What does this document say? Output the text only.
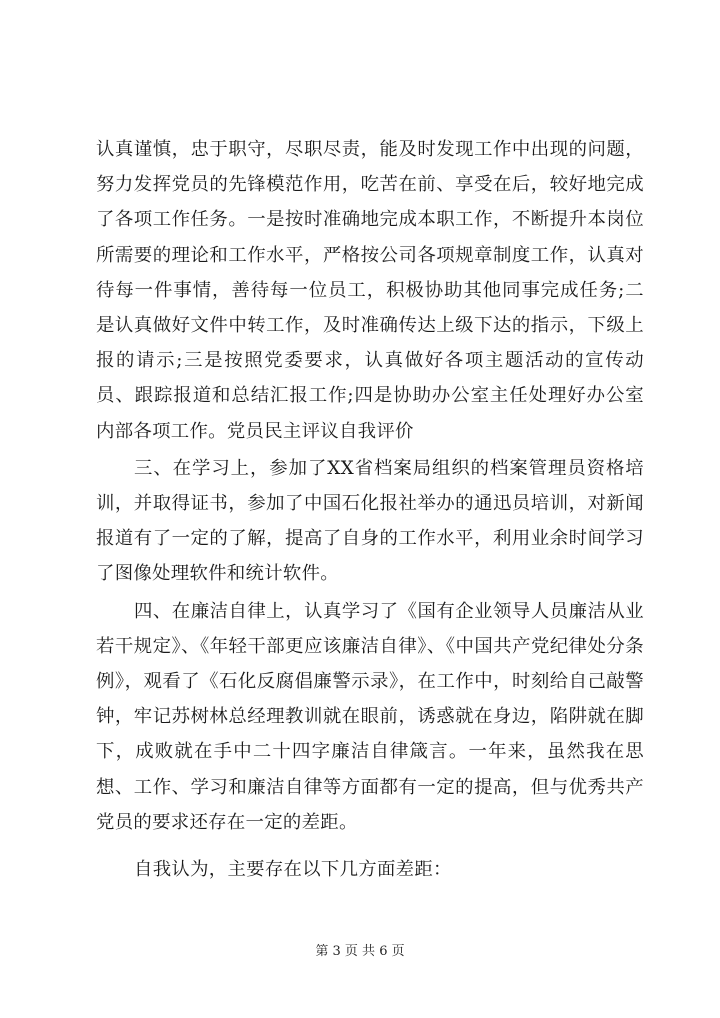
认真谨慎，忠于职守，尽职尽责，能及时发现工作中出现的问题，努力发挥党员的先锋模范作用，吃苦在前、享受在后，较好地完成了各项工作任务。一是按时准确地完成本职工作，不断提升本岗位所需要的理论和工作水平，严格按公司各项规章制度工作，认真对待每一件事情，善待每一位员工，积极协助其他同事完成任务;二是认真做好文件中转工作，及时准确传达上级下达的指示，下级上报的请示;三是按照党委要求，认真做好各项主题活动的宣传动员、跟踪报道和总结汇报工作;四是协助办公室主任处理好办公室内部各项工作。党员民主评议自我评价

三、在学习上，参加了XX省档案局组织的档案管理员资格培训，并取得证书，参加了中国石化报社举办的通迅员培训，对新闻报道有了一定的了解，提高了自身的工作水平，利用业余时间学习了图像处理软件和统计软件。

四、在廉洁自律上，认真学习了《国有企业领导人员廉洁从业若干规定》、《年轻干部更应该廉洁自律》、《中国共产党纪律处分条例》，观看了《石化反腐倡廉警示录》，在工作中，时刻给自己敲警钟，牢记苏树林总经理教训就在眼前，诱惑就在身边，陷阱就在脚下，成败就在手中二十四字廉洁自律箴言。一年来，虽然我在思想、工作、学习和廉洁自律等方面都有一定的提高，但与优秀共产党员的要求还存在一定的差距。

自我认为，主要存在以下几方面差距：

第 3 页 共 6 页
